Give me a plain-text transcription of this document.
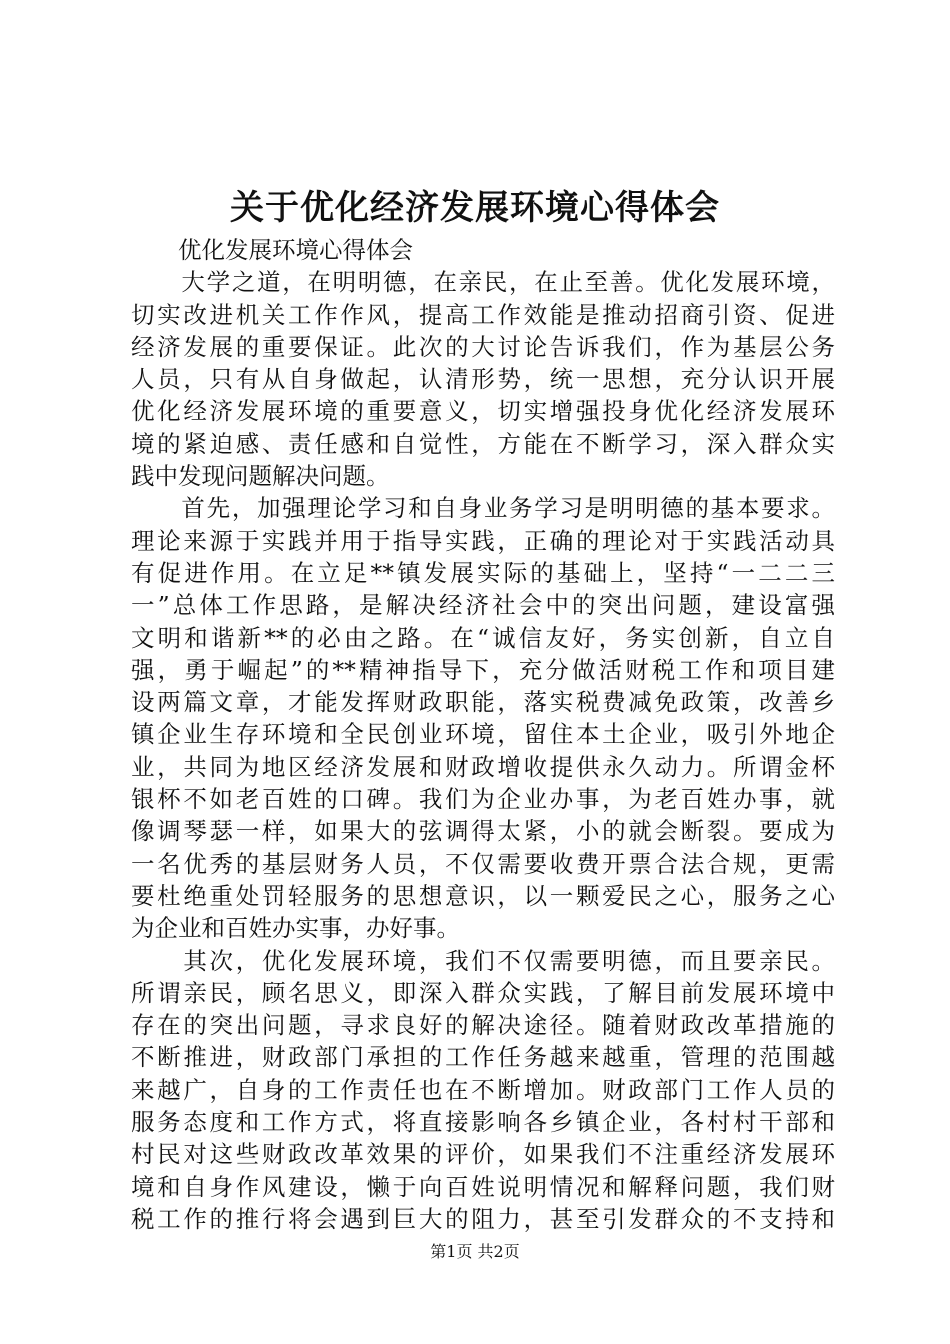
关于优化经济发展环境心得体会
　　优化发展环境心得体会
　　大学之道，在明明德，在亲民，在止至善。优化发展环境，
切实改进机关工作作风，提高工作效能是推动招商引资、促进
经济发展的重要保证。此次的大讨论告诉我们，作为基层公务
人员，只有从自身做起，认清形势，统一思想，充分认识开展
优化经济发展环境的重要意义，切实增强投身优化经济发展环
境的紧迫感、责任感和自觉性，方能在不断学习，深入群众实
践中发现问题解决问题。
　　首先，加强理论学习和自身业务学习是明明德的基本要求。
理论来源于实践并用于指导实践，正确的理论对于实践活动具
有促进作用。在立足**镇发展实际的基础上，坚持“一二二三
一”总体工作思路，是解决经济社会中的突出问题，建设富强
文明和谐新**的必由之路。在“诚信友好，务实创新，自立自
强，勇于崛起”的**精神指导下，充分做活财税工作和项目建
设两篇文章，才能发挥财政职能，落实税费减免政策，改善乡
镇企业生存环境和全民创业环境，留住本土企业，吸引外地企
业，共同为地区经济发展和财政增收提供永久动力。所谓金杯
银杯不如老百姓的口碑。我们为企业办事，为老百姓办事，就
像调琴瑟一样，如果大的弦调得太紧，小的就会断裂。要成为
一名优秀的基层财务人员，不仅需要收费开票合法合规，更需
要杜绝重处罚轻服务的思想意识，以一颗爱民之心，服务之心
为企业和百姓办实事，办好事。
　　其次，优化发展环境，我们不仅需要明德，而且要亲民。
所谓亲民，顾名思义，即深入群众实践，了解目前发展环境中
存在的突出问题，寻求良好的解决途径。随着财政改革措施的
不断推进，财政部门承担的工作任务越来越重，管理的范围越
来越广，自身的工作责任也在不断增加。财政部门工作人员的
服务态度和工作方式，将直接影响各乡镇企业，各村村干部和
村民对这些财政改革效果的评价，如果我们不注重经济发展环
境和自身作风建设，懒于向百姓说明情况和解释问题，我们财
税工作的推行将会遇到巨大的阻力，甚至引发群众的不支持和
第1页 共2页
